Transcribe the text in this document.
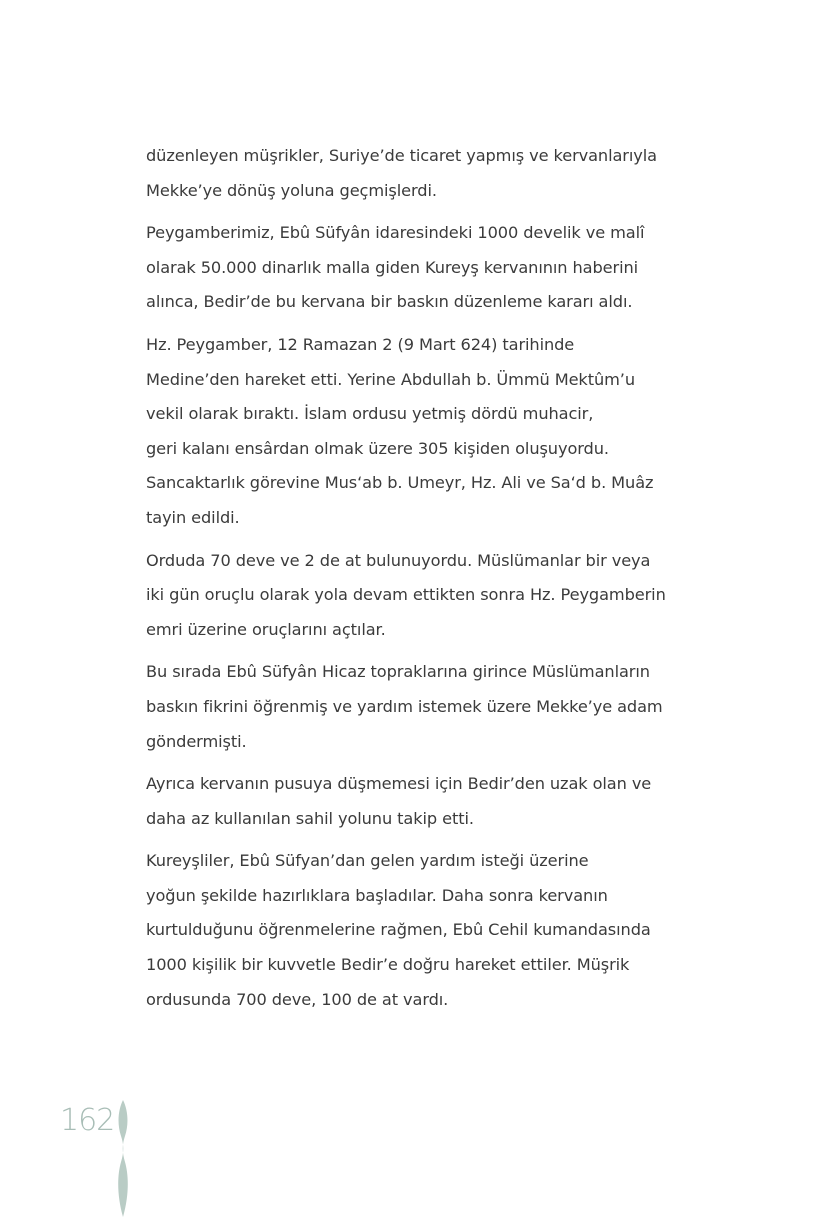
düzenleyen müşrikler, Suriye’de ticaret yapmış ve kervanlarıyla
Mekke’ye dönüş yoluna geçmişlerdi.

Peygamberimiz, Ebû Süfyân idaresindeki 1000 develik ve malî
olarak 50.000 dinarlık malla giden Kureyş kervanının haberini
alınca, Bedir’de bu kervana bir baskın düzenleme kararı aldı.

Hz. Peygamber, 12 Ramazan 2 (9 Mart 624) tarihinde
Medine’den hareket etti. Yerine Abdullah b. Ümmü Mektûm’u
vekil olarak bıraktı. İslam ordusu yetmiş dördü muhacir,
geri kalanı ensârdan olmak üzere 305 kişiden oluşuyordu.
Sancaktarlık görevine Mus‘ab b. Umeyr, Hz. Ali ve Sa‘d b. Muâz
tayin edildi.

Orduda 70 deve ve 2 de at bulunuyordu. Müslümanlar bir veya
iki gün oruçlu olarak yola devam ettikten sonra Hz. Peygamberin
emri üzerine oruçlarını açtılar.

Bu sırada Ebû Süfyân Hicaz topraklarına girince Müslümanların
baskın fikrini öğrenmiş ve yardım istemek üzere Mekke’ye adam
göndermişti.

Ayrıca kervanın pusuya düşmemesi için Bedir’den uzak olan ve
daha az kullanılan sahil yolunu takip etti.

Kureyşliler, Ebû Süfyan’dan gelen yardım isteği üzerine
yoğun şekilde hazırlıklara başladılar. Daha sonra kervanın
kurtulduğunu öğrenmelerine rağmen, Ebû Cehil kumandasında
1000 kişilik bir kuvvetle Bedir’e doğru hareket ettiler. Müşrik
ordusunda 700 deve, 100 de at vardı.

162
